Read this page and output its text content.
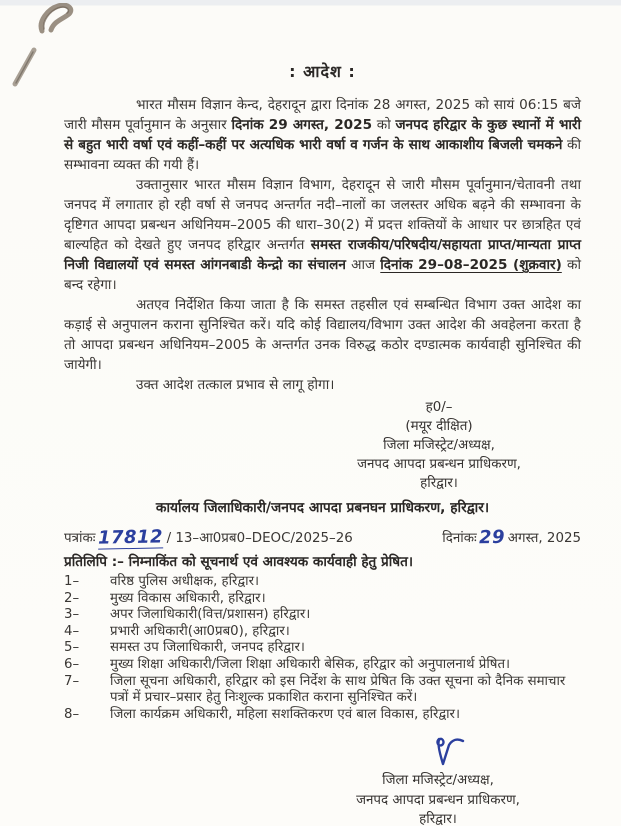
: आदेश :

भारत मौसम विज्ञान केन्द, देहरादून द्वारा दिनांक 28 अगस्त, 2025 को सायं 06:15 बजे जारी मौसम पूर्वानुमान के अनुसार दिनांक 29 अगस्त, 2025 को जनपद हरिद्वार के कुछ स्थानों में भारी से बहुत भारी वर्षा एवं कहीं–कहीं पर अत्यधिक भारी वर्षा व गर्जन के साथ आकाशीय बिजली चमकने की सम्भावना व्यक्त की गयी हैं।

उक्तानुसार भारत मौसम विज्ञान विभाग, देहरादून से जारी मौसम पूर्वानुमान/चेतावनी तथा जनपद में लगातार हो रही वर्षा से जनपद अन्तर्गत नदी–नालों का जलस्तर अधिक बढ़ने की सम्भावना के दृष्टिगत आपदा प्रबन्धन अधिनियम–2005 की धारा–30(2) में प्रदत्त शक्तियों के आधार पर छात्रहित एवं बाल्यहित को देखते हुए जनपद हरिद्वार अन्तर्गत समस्त राजकीय/परिषदीय/सहायता प्राप्त/मान्यता प्राप्त निजी विद्यालयों एवं समस्त आंगनबाडी केन्द्रो का संचालन आज दिनांक 29–08–2025 (शुक्रवार) को बन्द रहेगा।

अतएव निर्देशित किया जाता है कि समस्त तहसील एवं सम्बन्धित विभाग उक्त आदेश का कड़ाई से अनुपालन कराना सुनिश्चित करें। यदि कोई विद्यालय/विभाग उक्त आदेश की अवहेलना करता है तो आपदा प्रबन्धन अधिनियम–2005 के अन्तर्गत उनक विरुद्ध कठोर दण्डात्मक कार्यवाही सुनिश्चित की जायेगी।

उक्त आदेश तत्काल प्रभाव से लागू होगा।

ह0/–
(मयूर दीक्षित)
जिला मजिस्ट्रेट/अध्यक्ष,
जनपद आपदा प्रबन्धन प्राधिकरण,
हरिद्वार।
कार्यालय जिलाधिकारी/जनपद आपदा प्रबनघन प्राधिकरण, हरिद्वार।
पत्रांकः 17812 / 13–आ0प्रब0–DEOC/2025–26	दिनांकः 29 अगस्त, 2025
प्रतिलिपि :– निम्नाकिंत को सूचनार्थ एवं आवश्यक कार्यवाही हेतु प्रेषित।
1–	वरिष्ठ पुलिस अधीक्षक, हरिद्वार।
2–	मुख्य विकास अधिकारी, हरिद्वार।
3–	अपर जिलाधिकारी(वित्त/प्रशासन) हरिद्वार।
4–	प्रभारी अधिकारी(आ0प्रब0), हरिद्वार।
5–	समस्त उप जिलाधिकारी, जनपद हरिद्वार।
6–	मुख्य शिक्षा अधिकारी/जिला शिक्षा अधिकारी बेसिक, हरिद्वार को अनुपालनार्थ प्रेषित।
7–	जिला सूचना अधिकारी, हरिद्वार को इस निर्देश के साथ प्रेषित कि उक्त सूचना को दैनिक समाचार पत्रों में प्रचार–प्रसार हेतु निःशुल्क प्रकाशित कराना सुनिश्चित करें।
8–	जिला कार्यक्रम अधिकारी, महिला सशक्तिकरण एवं बाल विकास, हरिद्वार।
जिला मजिस्ट्रेट/अध्यक्ष,
जनपद आपदा प्रबन्धन प्राधिकरण,
हरिद्वार।
